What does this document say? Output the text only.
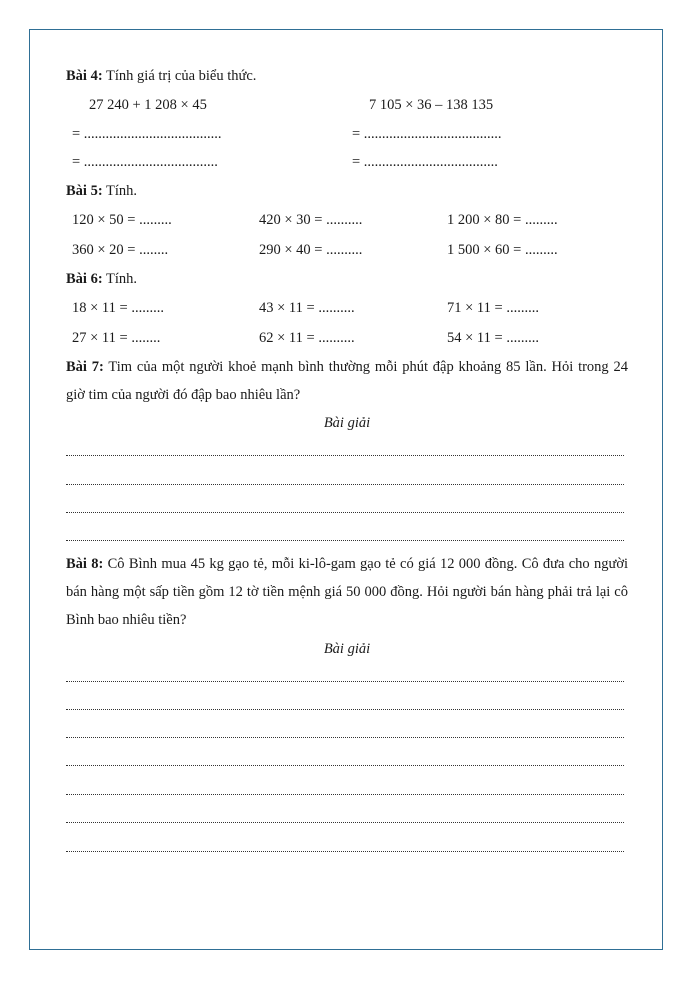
Bài 4: Tính giá trị của biểu thức.
27 240 + 1 208 × 45	7 105 × 36 – 138 135
= ......................................	= ......................................
= .....................................	= .....................................
Bài 5: Tính.
120 × 50 = .........	420 × 30 = ..........	1 200 × 80 = .........
360 × 20 = ........	290 × 40 = ..........	1 500 × 60 = .........
Bài 6: Tính.
18 × 11 = .........	43 × 11 = ..........	71 × 11 = .........
27 × 11 = ........	62 × 11 = ..........	54 × 11 = .........
Bài 7: Tim của một người khoẻ mạnh bình thường mỗi phút đập khoảng 85 lần. Hỏi trong 24 giờ tim của người đó đập bao nhiêu lần?
Bài giải
Bài 8: Cô Bình mua 45 kg gạo tẻ, mỗi ki-lô-gam gạo tẻ có giá 12 000 đồng. Cô đưa cho người bán hàng một sấp tiền gồm 12 tờ tiền mệnh giá 50 000 đồng. Hỏi người bán hàng phải trả lại cô Bình bao nhiêu tiền?
Bài giải
